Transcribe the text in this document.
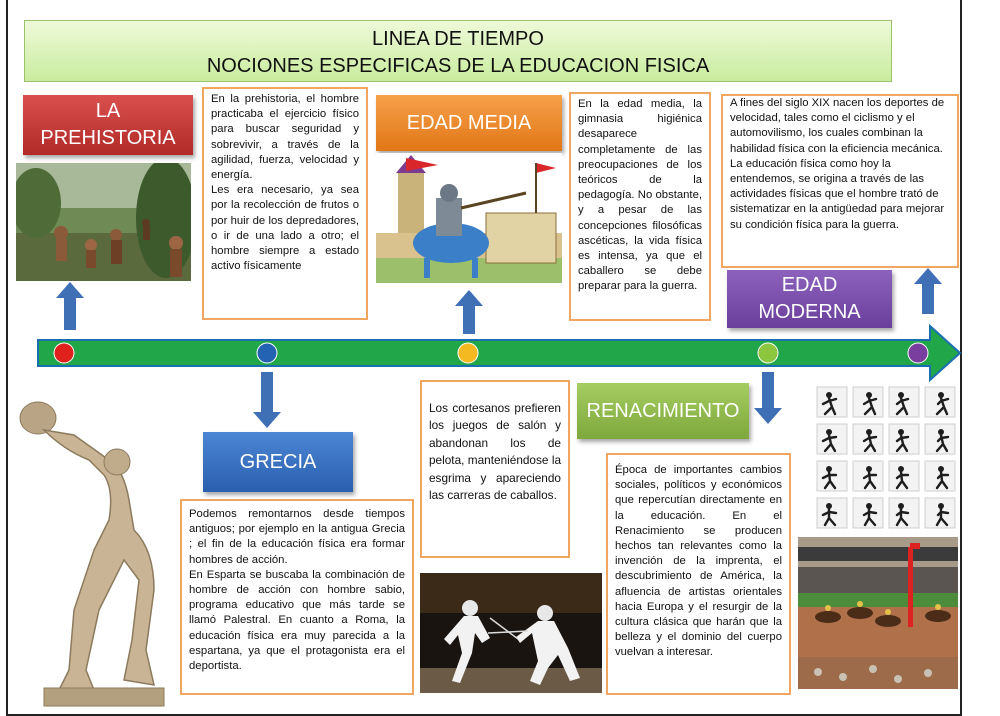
LINEA DE TIEMPO
NOCIONES ESPECIFICAS DE LA EDUCACION FISICA
LA PREHISTORIA
EDAD MEDIA
EDAD MODERNA
GRECIA
RENACIMIENTO

En la prehistoria, el hombre practicaba el ejercicio físico para buscar seguridad y sobrevivir, a través de la agilidad, fuerza, velocidad y energía.

Les era necesario, ya sea por la recolección de frutos o por huir de los depredadores, o ir de una lado a otro; el hombre siempre a estado activo físicamente

En la edad media, la gimnasia higiénica desaparece completamente de las preocupaciones de los teóricos de la pedagogía. No obstante, y a pesar de las concepciones filosóficas ascéticas, la vida física es intensa, ya que el caballero se debe preparar para la guerra.

A fines del siglo XIX nacen los deportes de velocidad, tales como el ciclismo y el automovilismo, los cuales combinan la habilidad física con la eficiencia mecánica.

La educación física como hoy la entendemos, se origina a través de las actividades físicas que el hombre trató de sistematizar en la antigüedad para mejorar su condición física para la guerra.

Los cortesanos prefieren los juegos de salón y abandonan los de pelota, manteniéndose la esgrima y apareciendo las carreras de caballos.

Podemos remontarnos desde tiempos antiguos; por ejemplo en la antigua Grecia ; el fin de la educación física era formar hombres de acción.

En Esparta se buscaba la combinación de hombre de acción con hombre sabio, programa educativo que más tarde se llamó Palestral. En cuanto a Roma, la educación física era muy parecida a la espartana, ya que el protagonista era el deportista.

Época de importantes cambios sociales, políticos y económicos que repercutían directamente en la educación. En el Renacimiento se producen hechos tan relevantes como la invención de la imprenta, el descubrimiento de América, la afluencia de artistas orientales hacia Europa y el resurgir de la cultura clásica que harán que la belleza y el dominio del cuerpo vuelvan a interesar.
